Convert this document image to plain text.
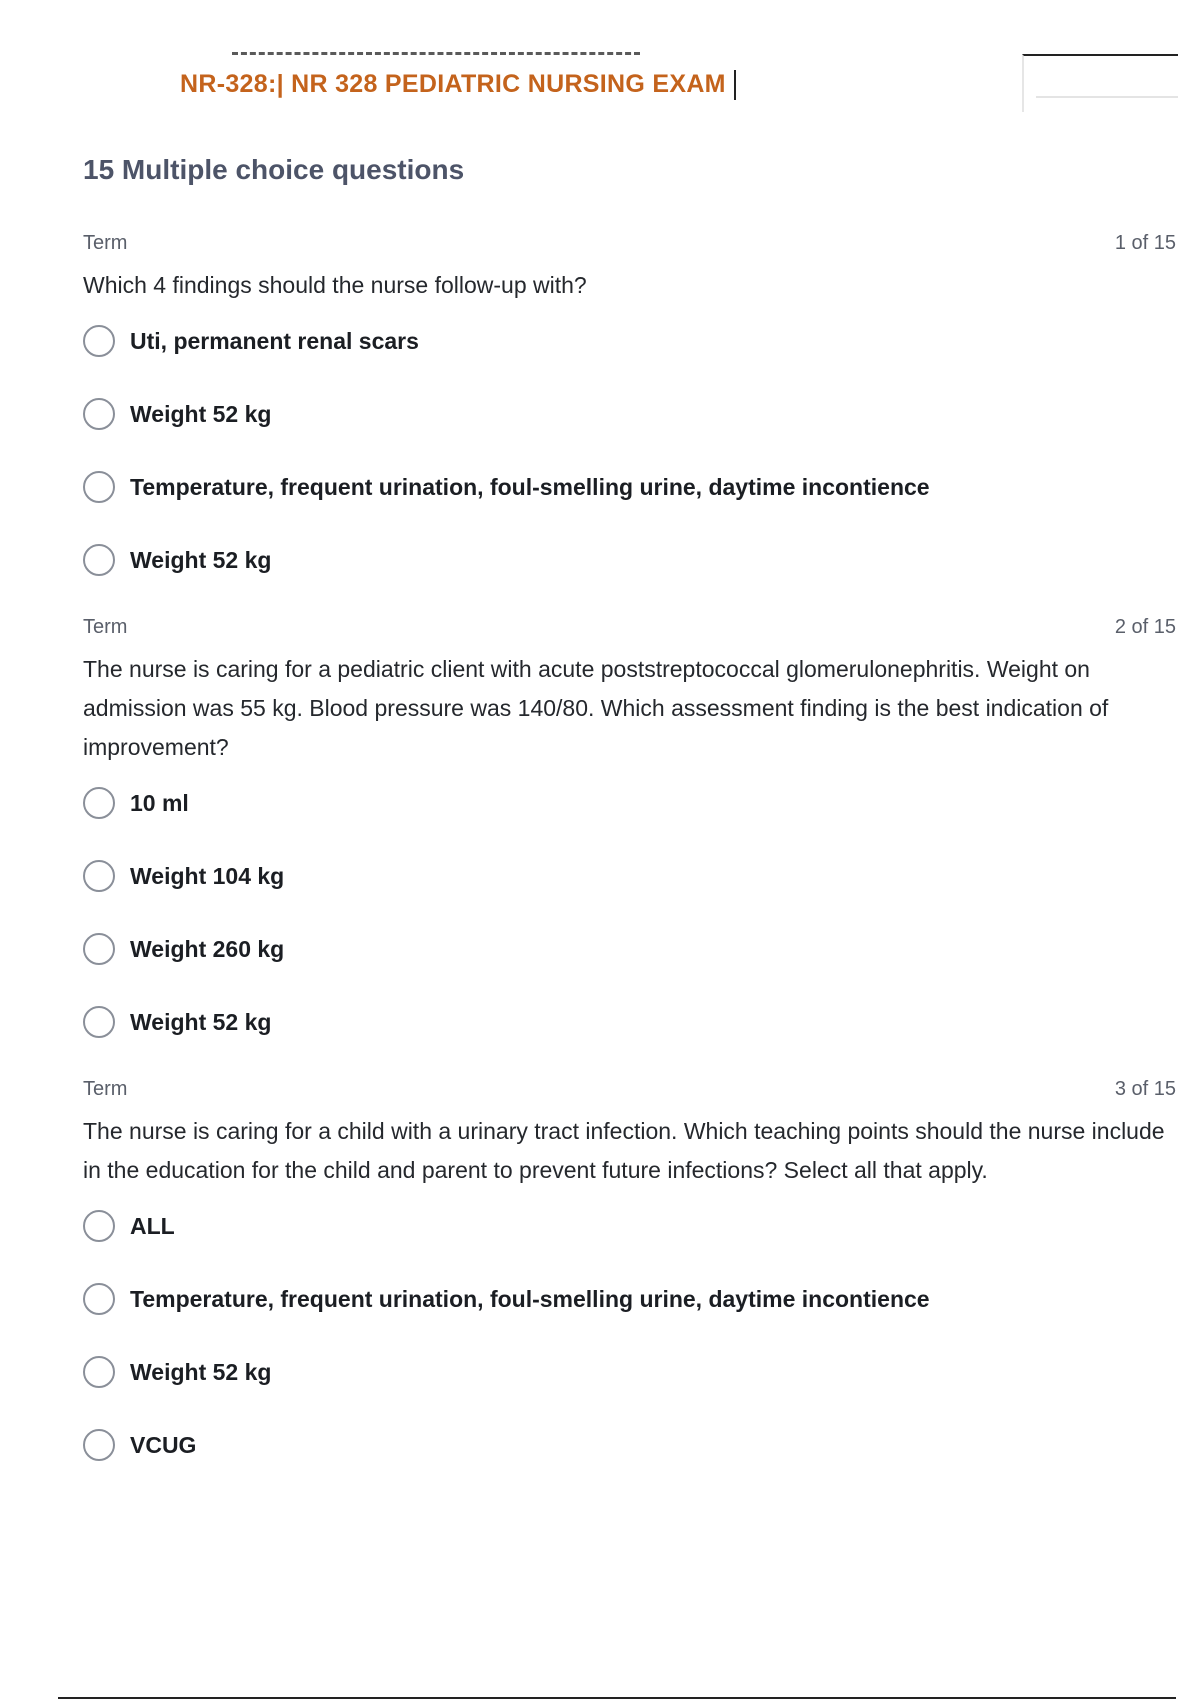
NR-328:| NR 328 PEDIATRIC NURSING EXAM
15 Multiple choice questions
Term	1 of 15
Which 4 findings should the nurse follow-up with?
Uti, permanent renal scars
Weight 52 kg
Temperature, frequent urination, foul-smelling urine, daytime incontience
Weight 52 kg
Term	2 of 15
The nurse is caring for a pediatric client with acute poststreptococcal glomerulonephritis. Weight on admission was 55 kg. Blood pressure was 140/80. Which assessment finding is the best indication of improvement?
10 ml
Weight 104 kg
Weight 260 kg
Weight 52 kg
Term	3 of 15
The nurse is caring for a child with a urinary tract infection. Which teaching points should the nurse include in the education for the child and parent to prevent future infections? Select all that apply.
ALL
Temperature, frequent urination, foul-smelling urine, daytime incontience
Weight 52 kg
VCUG
